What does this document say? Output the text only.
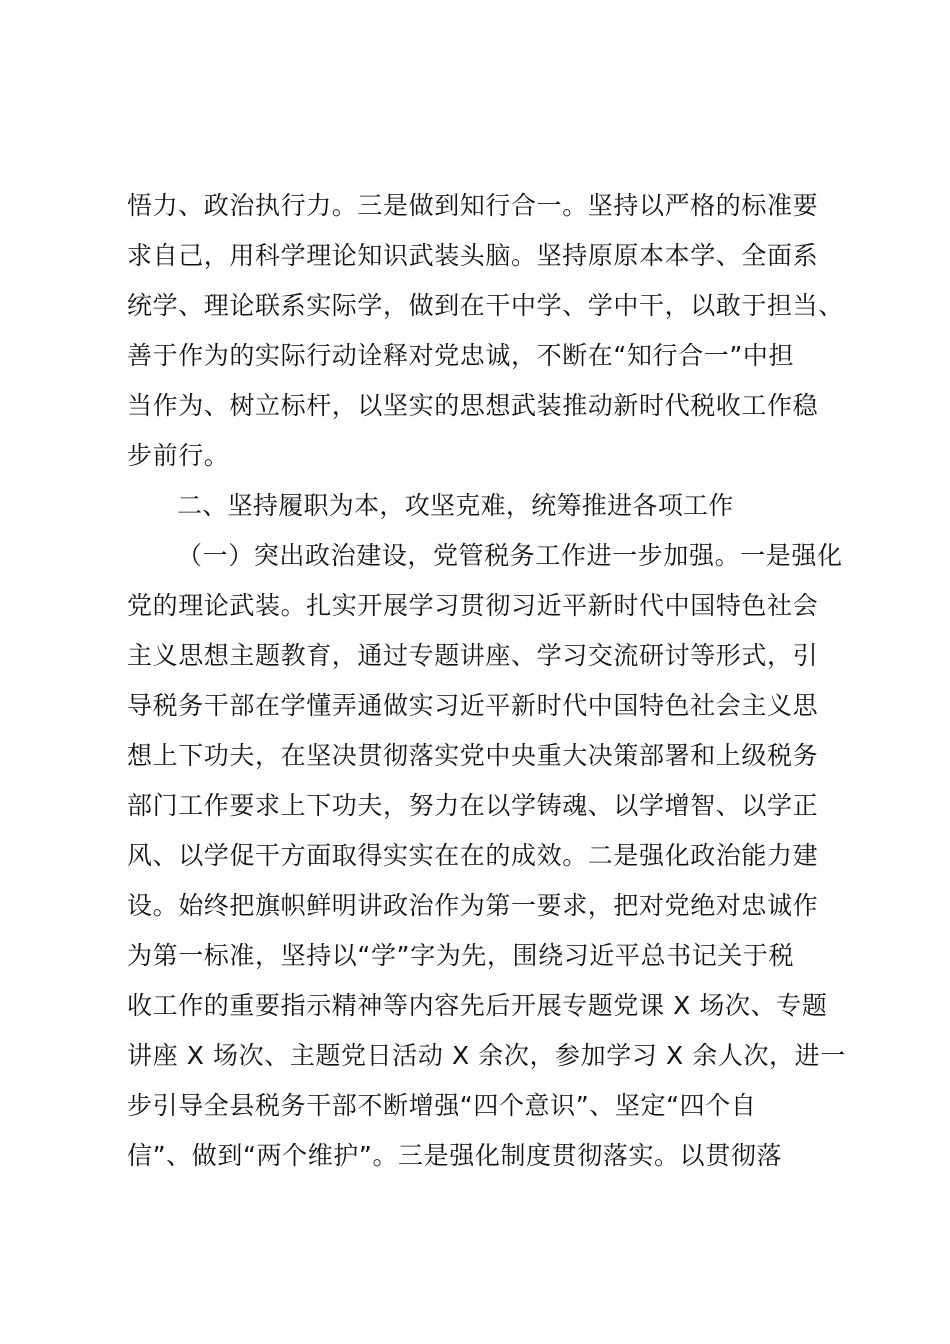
悟力、政治执行力。三是做到知行合一。坚持以严格的标准要
求自己，用科学理论知识武装头脑。坚持原原本本学、全面系
统学、理论联系实际学，做到在干中学、学中干，以敢于担当、
善于作为的实际行动诠释对党忠诚，不断在“知行合一”中担
当作为、树立标杆，以坚实的思想武装推动新时代税收工作稳
步前行。
二、坚持履职为本，攻坚克难，统筹推进各项工作
（一）突出政治建设，党管税务工作进一步加强。一是强化
党的理论武装。扎实开展学习贯彻习近平新时代中国特色社会
主义思想主题教育，通过专题讲座、学习交流研讨等形式，引
导税务干部在学懂弄通做实习近平新时代中国特色社会主义思
想上下功夫，在坚决贯彻落实党中央重大决策部署和上级税务
部门工作要求上下功夫，努力在以学铸魂、以学增智、以学正
风、以学促干方面取得实实在在的成效。二是强化政治能力建
设。始终把旗帜鲜明讲政治作为第一要求，把对党绝对忠诚作
为第一标准，坚持以“学”字为先，围绕习近平总书记关于税
收工作的重要指示精神等内容先后开展专题党课 X 场次、专题
讲座 X 场次、主题党日活动 X 余次，参加学习 X 余人次，进一
步引导全县税务干部不断增强“四个意识”、坚定“四个自
信”、做到“两个维护”。三是强化制度贯彻落实。以贯彻落
